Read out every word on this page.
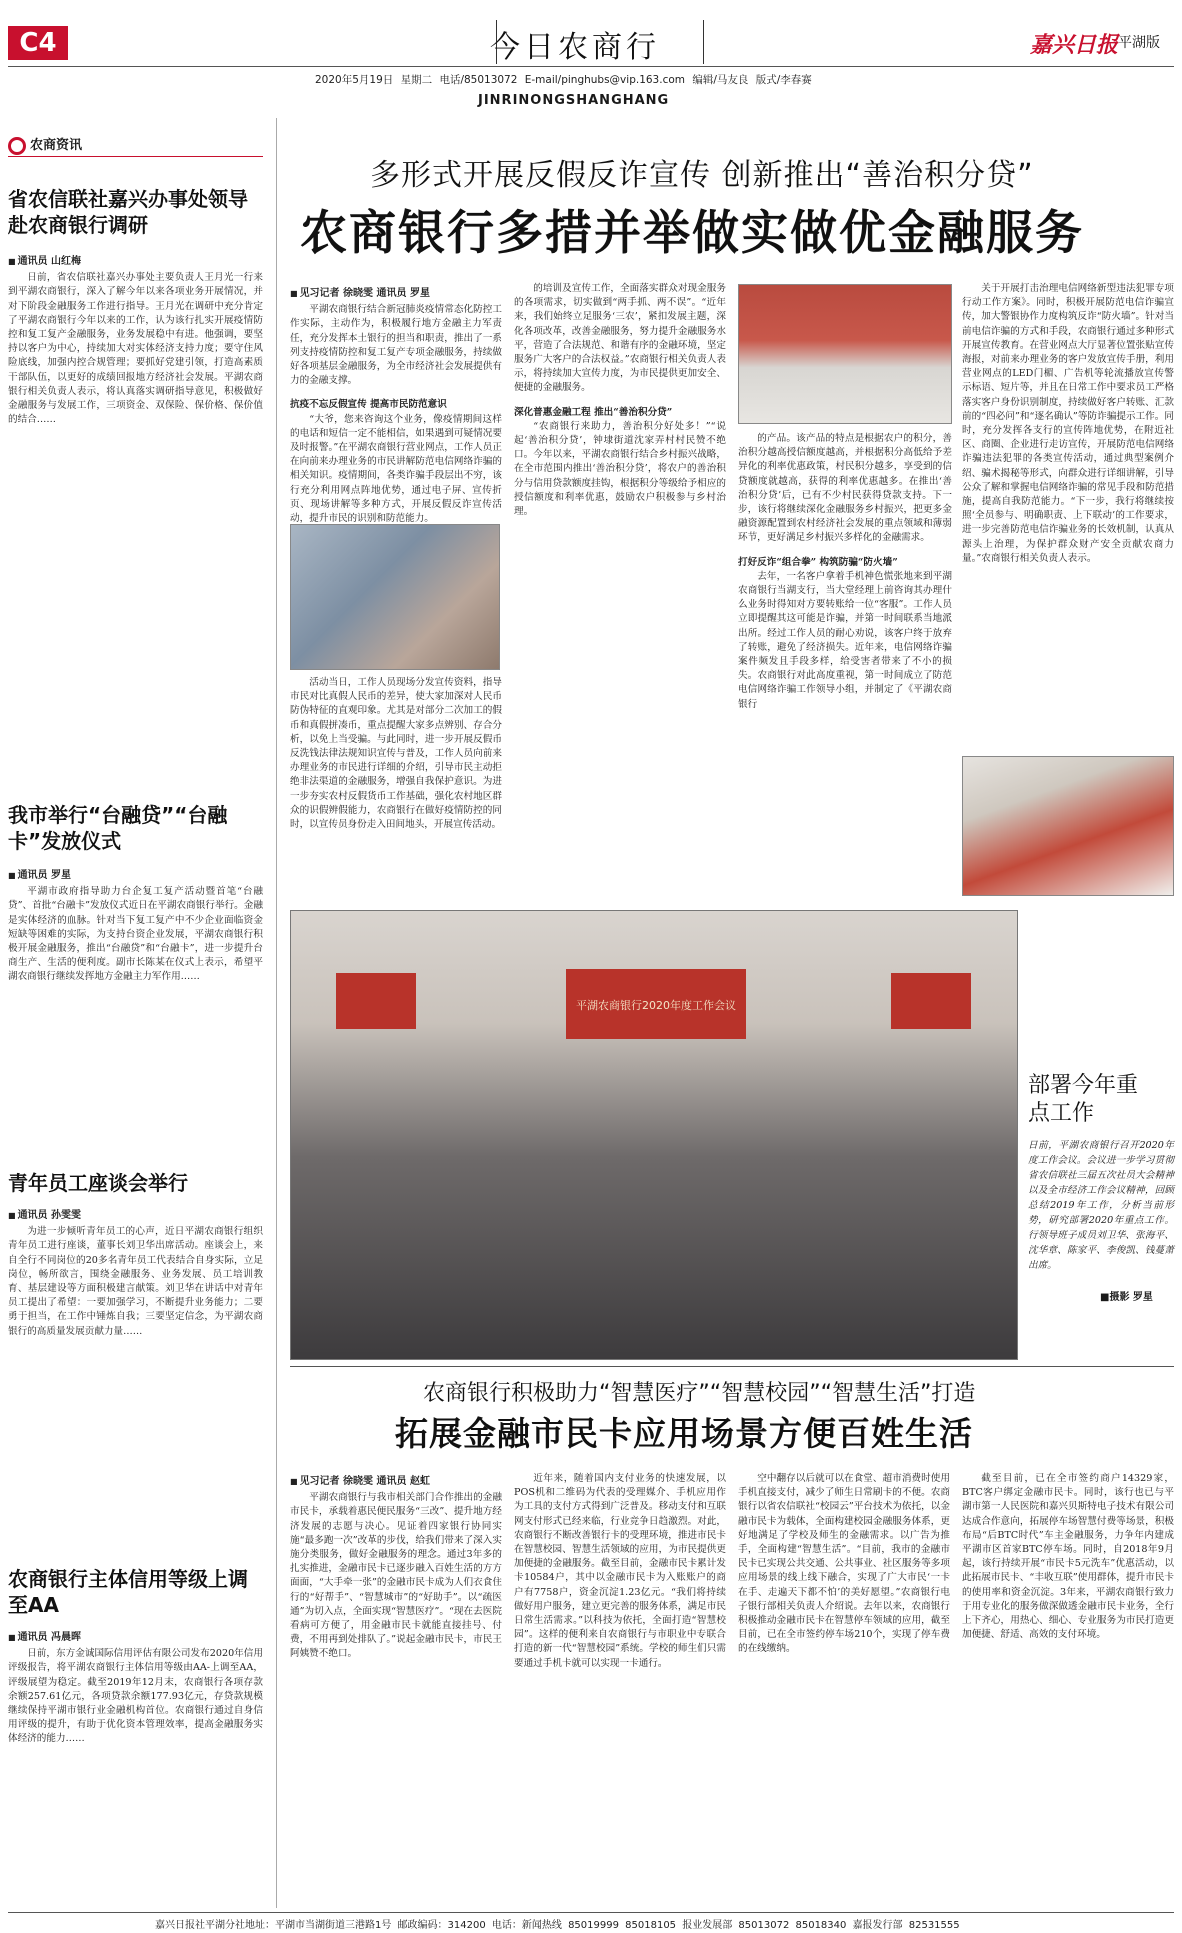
C4	今日农商行	嘉兴日报 平湖版
2020年5月19日 星期二 电话/85013072 E-mail/pinghubs@vip.163.com 编辑/马友良 版式/李春赛
JINRINONGSHANGHANG
农商资讯
省农信联社嘉兴办事处领导赴农商银行调研
■ 通讯员 山红梅

日前，省农信联社嘉兴办事处主要负责人王月光一行来到平湖农商银行，深入了解今年以来各项业务开展情况，并对下阶段金融服务工作进行指导。王月光在调研中充分肯定了平湖农商银行今年以来的工作，认为该行扎实开展疫情防控和复工复产金融服务，业务发展稳中有进。他强调，要坚持以客户为中心，持续加大对实体经济支持力度；要守住风险底线，加强内控合规管理；要抓好党建引领，打造高素质干部队伍，以更好的成绩回报地方经济社会发展。平湖农商银行相关负责人表示，将认真落实调研指导意见，积极做好金融服务与发展工作，三项资金、双保险、保价格、保价值的结合……

我市举行“台融贷”“台融卡”发放仪式
■ 通讯员 罗星

平湖市政府指导助力台企复工复产活动暨首笔“台融贷”、首批“台融卡”发放仪式近日在平湖农商银行举行。金融是实体经济的血脉。针对当下复工复产中不少企业面临资金短缺等困难的实际，为支持台资企业发展，平湖农商银行积极开展金融服务，推出“台融贷”和“台融卡”，进一步提升台商生产、生活的便利度。副市长陈某在仪式上表示，希望平湖农商银行继续发挥地方金融主力军作用……

青年员工座谈会举行
■ 通讯员 孙雯雯

为进一步倾听青年员工的心声，近日平湖农商银行组织青年员工进行座谈，董事长刘卫华出席活动。座谈会上，来自全行不同岗位的20多名青年员工代表结合自身实际，立足岗位，畅所欲言，围绕金融服务、业务发展、员工培训教育、基层建设等方面积极建言献策。刘卫华在讲话中对青年员工提出了希望：一要加强学习，不断提升业务能力；二要勇于担当，在工作中锤炼自我；三要坚定信念，为平湖农商银行的高质量发展贡献力量……

农商银行主体信用等级上调至AA
■ 通讯员 冯晨晖

日前，东方金诚国际信用评估有限公司发布2020年信用评级报告，将平湖农商银行主体信用等级由AA-上调至AA，评级展望为稳定。截至2019年12月末，农商银行各项存款余额257.61亿元，各项贷款余额177.93亿元，存贷款规模继续保持平湖市银行业金融机构首位。农商银行通过自身信用评级的提升，有助于优化资本管理效率，提高金融服务实体经济的能力……

多形式开展反假反诈宣传 创新推出“善治积分贷”
农商银行多措并举做实做优金融服务
■ 见习记者 徐晓雯 通讯员 罗星

平湖农商银行结合新冠肺炎疫情常态化防控工作实际，主动作为，积极履行地方金融主力军责任，充分发挥本土银行的担当和职责，推出了一系列支持疫情防控和复工复产专项金融服务，持续做好各项基层金融服务，为全市经济社会发展提供有力的金融支撑。

抗疫不忘反假宣传 提高市民防范意识

“大爷，您来咨询这个业务，像疫情期间这样的电话和短信一定不能相信，如果遇到可疑情况要及时报警。”在平湖农商银行营业网点，工作人员正在向前来办理业务的市民讲解防范电信网络诈骗的相关知识。疫情期间，各类诈骗手段层出不穷，该行充分利用网点阵地优势，通过电子屏、宣传折页、现场讲解等多种方式，开展反假反诈宣传活动，提升市民的识别和防范能力。

活动当日，工作人员现场分发宣传资料，指导市民对比真假人民币的差异，使大家加深对人民币防伪特征的直观印象。尤其是对部分二次加工的假币和真假拼凑币，重点提醒大家多点辨别、存合分析，以免上当受骗。与此同时，进一步开展反假币反洗钱法律法规知识宣传与普及，工作人员向前来办理业务的市民进行详细的介绍，引导市民主动拒绝非法渠道的金融服务，增强自我保护意识。为进一步夯实农村反假货币工作基础，强化农村地区群众的识假辨假能力，农商银行在做好疫情防控的同时，以宣传员身份走入田间地头，开展宣传活动。

的培训及宣传工作，全面落实群众对现金服务的各项需求，切实做到“两手抓、两不误”。“近年来，我们始终立足服务‘三农’，紧扣发展主题，深化各项改革，改善金融服务，努力提升金融服务水平，营造了合法规范、和谐有序的金融环境，坚定服务广大客户的合法权益。”农商银行相关负责人表示，将持续加大宣传力度，为市民提供更加安全、便捷的金融服务。

深化普惠金融工程 推出“善治积分贷”

“农商银行来助力，善治积分好处多！”“说起‘善治积分贷’，钟埭街道沈家弄村村民赞不绝口。今年以来，平湖农商银行结合乡村振兴战略，在全市范围内推出‘善治积分贷’，将农户的善治积分与信用贷款额度挂钩，根据积分等级给予相应的授信额度和利率优惠，鼓励农户积极参与乡村治理。

的产品。该产品的特点是根据农户的积分，善治积分越高授信额度越高，并根据积分高低给予差异化的利率优惠政策，村民积分越多，享受到的信贷额度就越高，获得的利率优惠越多。在推出‘善治积分贷’后，已有不少村民获得贷款支持。下一步，该行将继续深化金融服务乡村振兴，把更多金融资源配置到农村经济社会发展的重点领域和薄弱环节，更好满足乡村振兴多样化的金融需求。

打好反诈“组合拳” 构筑防骗“防火墙”

去年，一名客户拿着手机神色慌张地来到平湖农商银行当湖支行，当大堂经理上前咨询其办理什么业务时得知对方要转账给一位“客服”。工作人员立即提醒其这可能是诈骗，并第一时间联系当地派出所。经过工作人员的耐心劝说，该客户终于放弃了转账，避免了经济损失。近年来，电信网络诈骗案件频发且手段多样，给受害者带来了不小的损失。农商银行对此高度重视，第一时间成立了防范电信网络诈骗工作领导小组，并制定了《平湖农商银行

关于开展打击治理电信网络新型违法犯罪专项行动工作方案》。同时，积极开展防范电信诈骗宣传，加大警银协作力度构筑反诈“防火墙”。针对当前电信诈骗的方式和手段，农商银行通过多种形式开展宣传教育。在营业网点大厅显著位置张贴宣传海报，对前来办理业务的客户发放宣传手册，利用营业网点的LED门楣、广告机等轮流播放宣传警示标语、短片等，并且在日常工作中要求员工严格落实客户身份识别制度，持续做好客户转账、汇款前的“四必问”和“逐名确认”等防诈骗提示工作。同时，充分发挥各支行的宣传阵地优势，在附近社区、商圈、企业进行走访宣传，开展防范电信网络诈骗违法犯罪的各类宣传活动，通过典型案例介绍、骗术揭秘等形式，向群众进行详细讲解，引导公众了解和掌握电信网络诈骗的常见手段和防范措施，提高自我防范能力。“下一步，我行将继续按照‘全员参与、明确职责、上下联动’的工作要求，进一步完善防范电信诈骗业务的长效机制，认真从源头上治理，为保护群众财产安全贡献农商力量。”农商银行相关负责人表示。

平湖农商银行2020年度工作会议
部署今年重点工作
日前，平湖农商银行召开2020年度工作会议。会议进一步学习贯彻省农信联社三届五次社员大会精神以及全市经济工作会议精神，回顾总结2019年工作，分析当前形势，研究部署2020年重点工作。行领导班子成员刘卫华、张海平、沈华章、陈家平、李俊凯、钱蔓萧出席。
■摄影 罗星
农商银行积极助力“智慧医疗”“智慧校园”“智慧生活”打造
拓展金融市民卡应用场景方便百姓生活
■ 见习记者 徐晓雯 通讯员 赵虹

平湖农商银行与我市相关部门合作推出的金融市民卡，承载着惠民便民服务“三改”、提升地方经济发展的志愿与决心。见证着四家银行协同实施“最多跑一次”改革的步伐，给我们带来了深入实施分类服务，做好金融服务的理念。通过3年多的扎实推进，金融市民卡已逐步融入百姓生活的方方面面，“大手牵一张”的金融市民卡成为人们衣食住行的“好帮手”、“智慧城市”的“好助手”。以“疏医通”为切入点，全面实现“智慧医疗”。“现在去医院看病可方便了，用金融市民卡就能直接挂号、付费，不用再到处排队了。”说起金融市民卡，市民王阿姨赞不绝口。

近年来，随着国内支付业务的快速发展，以POS机和二维码为代表的受理媒介、手机应用作为工具的支付方式得到广泛普及。移动支付和互联网支付形式已经来临，行业竞争日趋激烈。对此，农商银行不断改善银行卡的受理环境，推进市民卡在智慧校园、智慧生活领域的应用，为市民提供更加便捷的金融服务。截至目前，金融市民卡累计发卡10584户，其中以金融市民卡为入账账户的商户有7758户，资金沉淀1.23亿元。“我们将持续做好用户服务，建立更完善的服务体系，满足市民日常生活需求。”以科技为依托，全面打造“智慧校园”。这样的便利来自农商银行与市职业中专联合打造的新一代“智慧校园”系统。学校的师生们只需要通过手机卡就可以实现一卡通行。

空中翻存以后就可以在食堂、超市消费时使用手机直接支付，减少了师生日常刷卡的不便。农商银行以省农信联社“校园云”平台技术为依托，以金融市民卡为载体，全面构建校园金融服务体系，更好地满足了学校及师生的金融需求。以广告为推手，全面构建“智慧生活”。“目前，我市的金融市民卡已实现公共交通、公共事业、社区服务等多项应用场景的线上线下融合，实现了广大市民‘一卡在手、走遍天下都不怕’的美好愿望。”农商银行电子银行部相关负责人介绍说。去年以来，农商银行积极推动金融市民卡在智慧停车领域的应用，截至目前，已在全市签约停车场210个，实现了停车费的在线缴纳。

截至目前，已在全市签约商户14329家，BTC客户绑定金融市民卡。同时，该行也已与平湖市第一人民医院和嘉兴贝斯特电子技术有限公司达成合作意向，拓展停车场智慧付费等场景，积极布局“后BTC时代”车主金融服务，力争年内建成平湖市区首家BTC停车场。同时，自2018年9月起，该行持续开展“市民卡5元洗车”优惠活动，以此拓展市民卡、“丰收互联”使用群体，提升市民卡的使用率和资金沉淀。3年来，平湖农商银行致力于用专业化的服务做深做透金融市民卡业务，全行上下齐心，用热心、细心、专业服务为市民打造更加便捷、舒适、高效的支付环境。

嘉兴日报社平湖分社地址：平湖市当湖街道三港路1号 邮政编码：314200 电话：新闻热线 85019999 85018105 报业发展部 85013072 85018340 嘉报发行部 82531555
